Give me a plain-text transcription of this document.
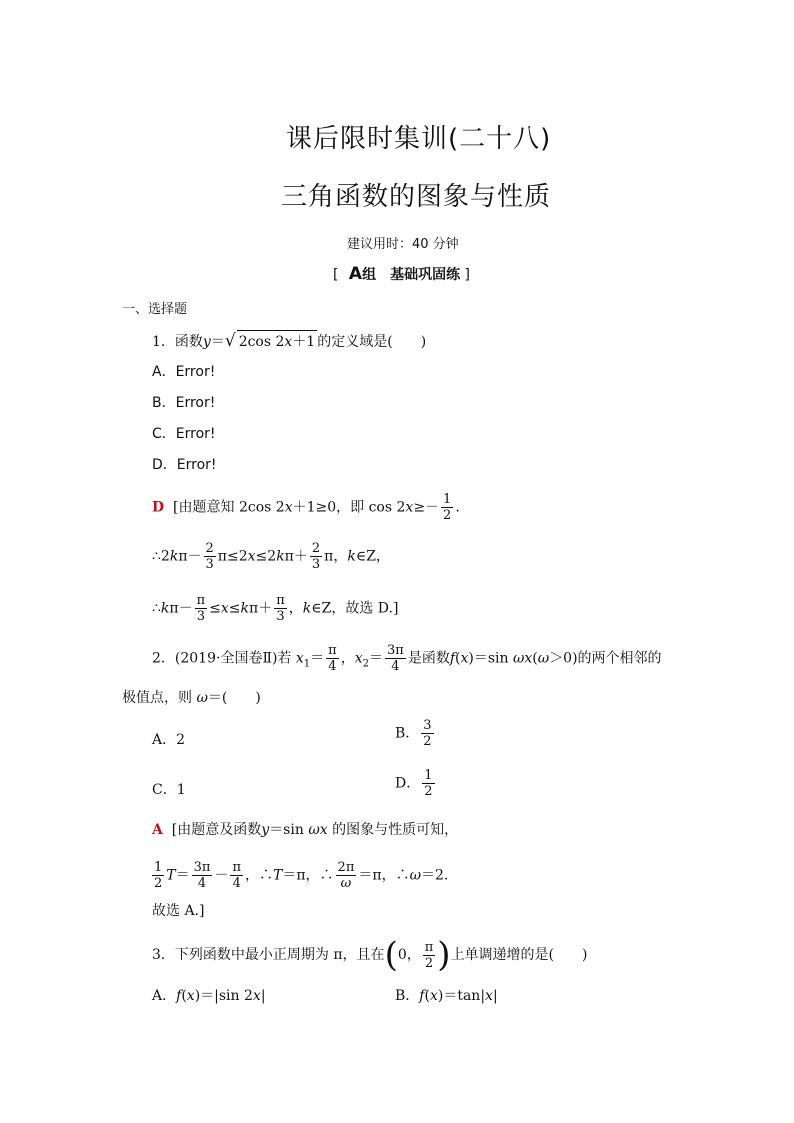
课后限时集训(二十八)
三角函数的图象与性质
建议用时：40 分钟
[ A组　基础巩固练 ]
一、选择题
1．函数y＝√ 2cos 2x＋1 的定义域是(　　)
A．Error!
B．Error!
C．Error!
D．Error!
D [由题意知 2cos 2x＋1≥0，即 $\cos 2x\ge- \frac{1}{2}$ .
∴2kπ－ $\frac{2}{3} \pi\le 2x\le 2k\pi+ \frac{2}{3}$ π，k∈Z，
∴kπ－ $\frac{\pi}{3} \le x\le k\pi+ \frac{\pi}{3}$ ，k∈Z，故选 D.]
2．(2019·全国卷Ⅱ)若 $x_1= \frac{\pi}{4}$ ，$x_2= \frac{3\pi}{4}$ 是函数f(x)＝sin ωx(ω＞0)的两个相邻的
极值点，则 ω＝(　　)
A．2	B． $\frac{3}{2}$
C．1	D． $\frac{1}{2}$
A [由题意及函数y＝sin ωx 的图象与性质可知，
$\frac{1}{2} T= \frac{3\pi}{4} - \frac{\pi}{4}$ ，∴T＝π，∴ $\frac{2\pi}{\omega} =\pi$，∴ω＝2.
故选 A.]
3．下列函数中最小正周期为 π，且在(0， $\frac{\pi}{2}$ )上单调递增的是(　　)
A．f(x)＝|sin 2x|	B．f(x)＝tan|x|
